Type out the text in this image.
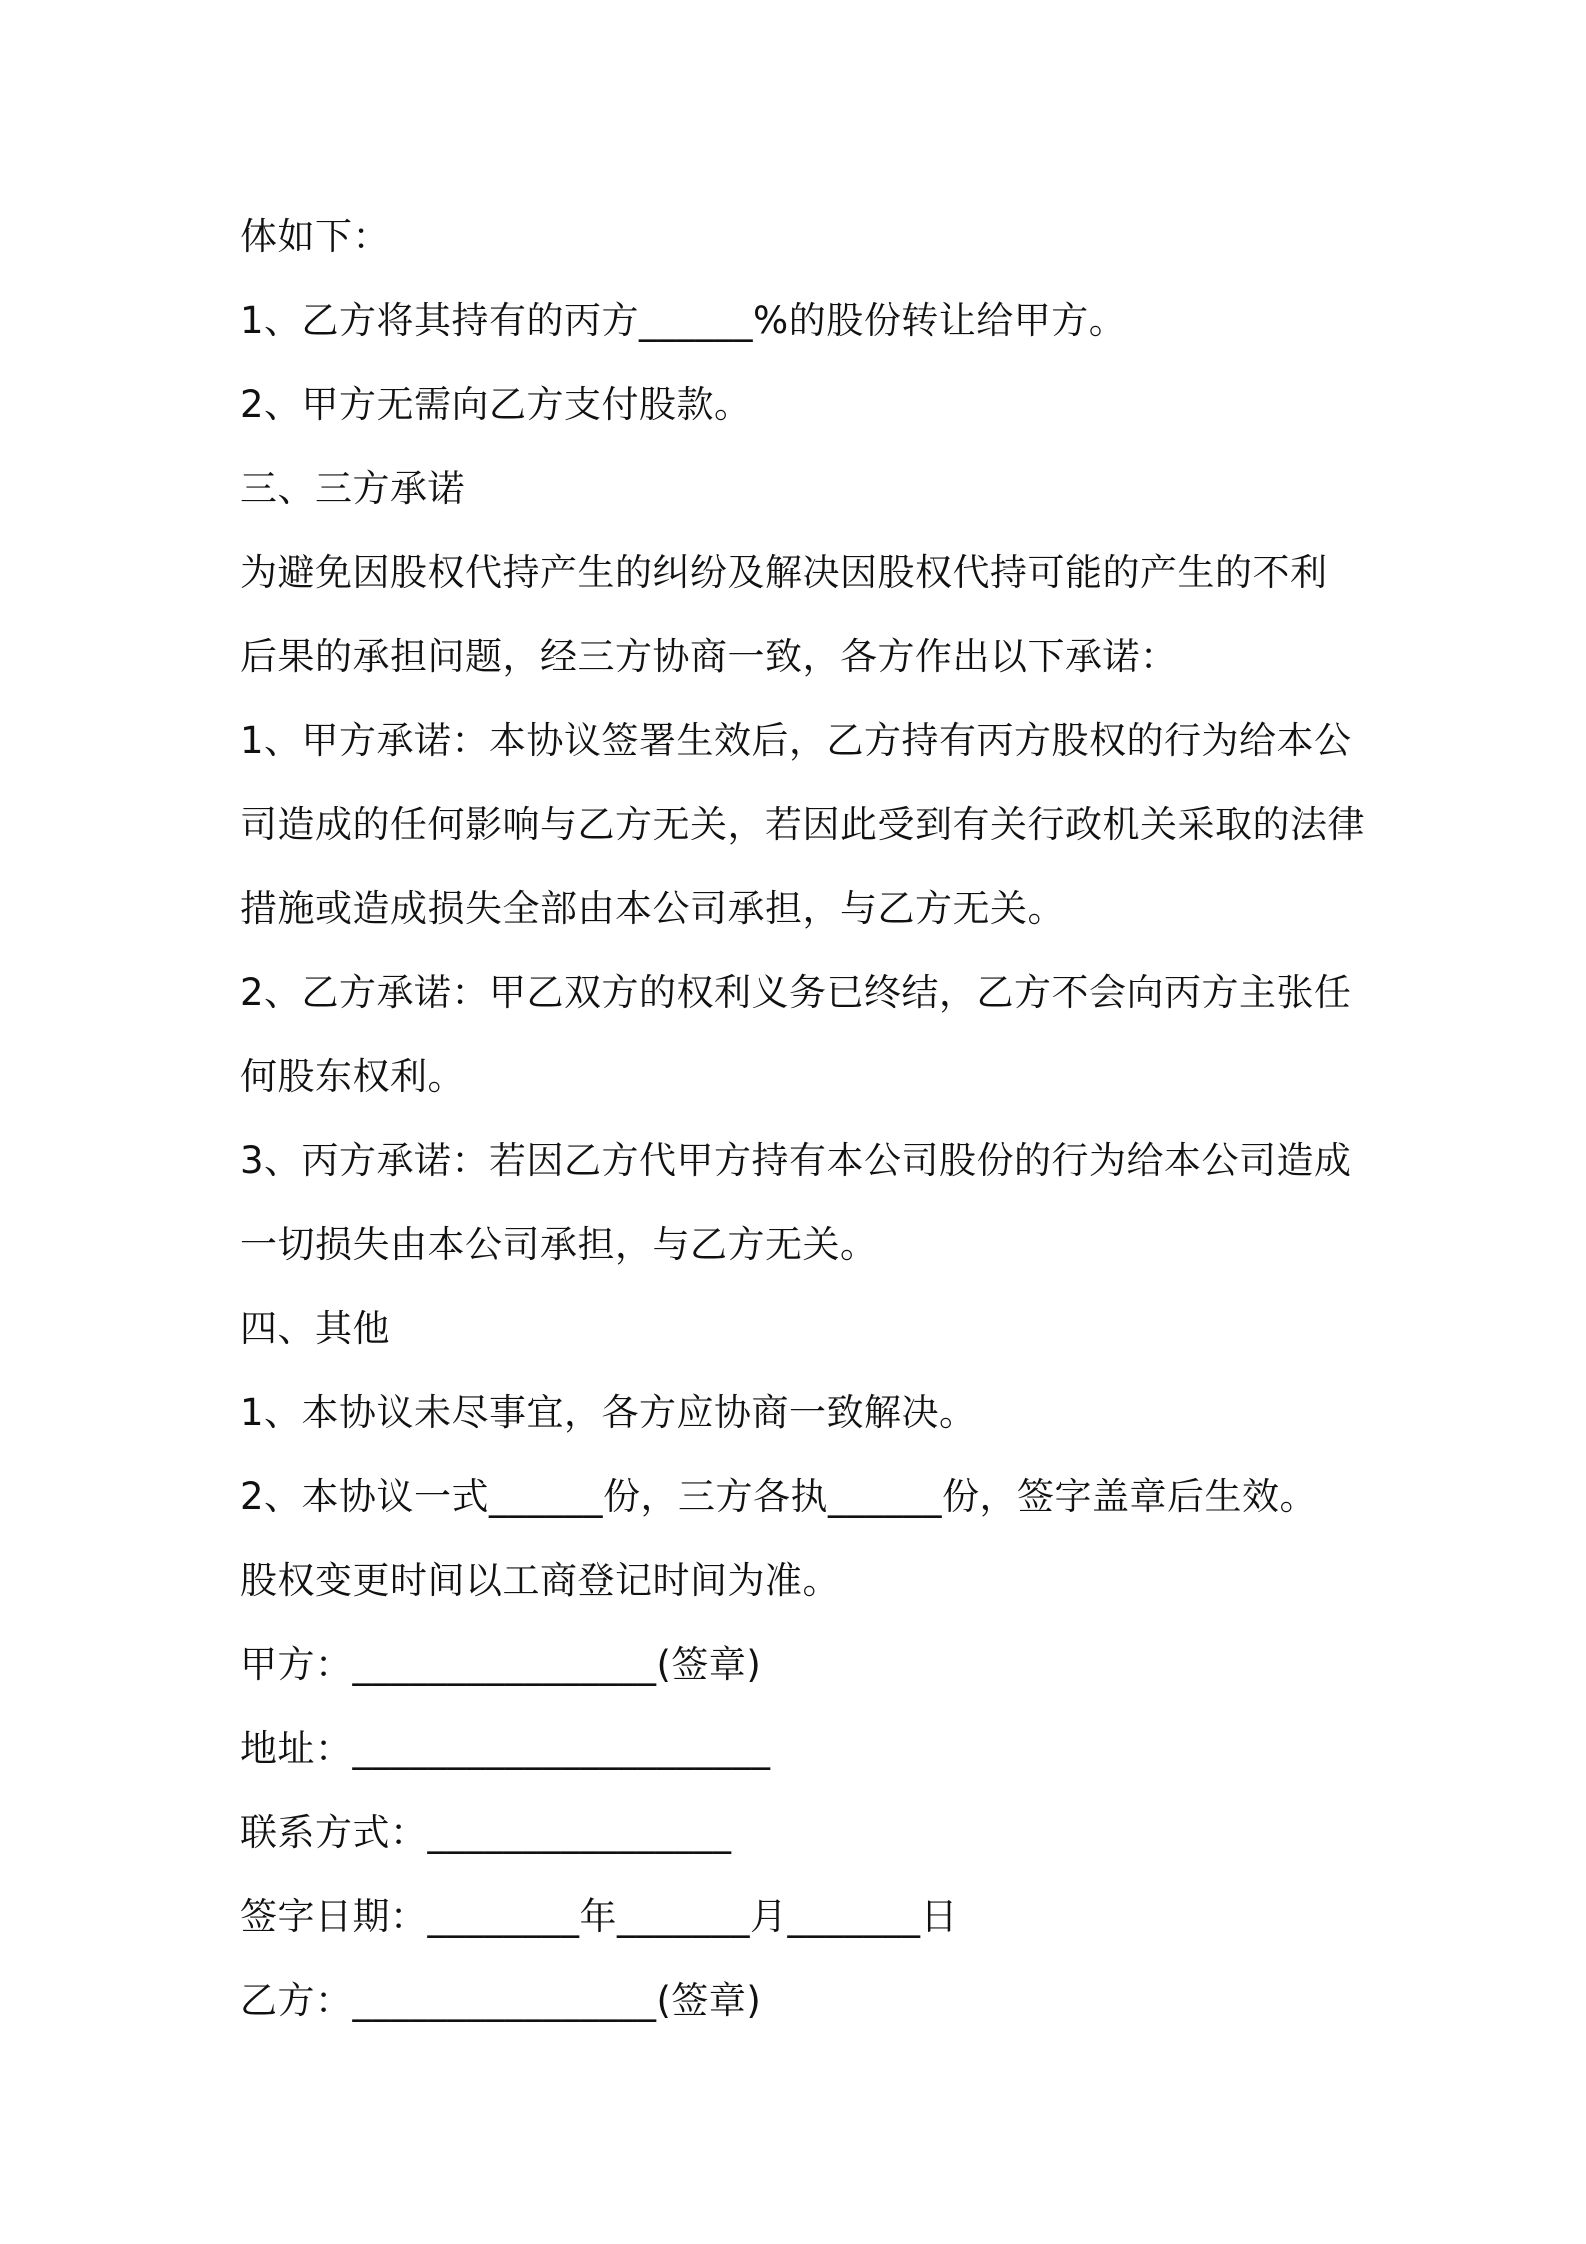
体如下：
1、乙方将其持有的丙方______%的股份转让给甲方。
2、甲方无需向乙方支付股款。
三、三方承诺
为避免因股权代持产生的纠纷及解决因股权代持可能的产生的不利
后果的承担问题，经三方协商一致，各方作出以下承诺：
1、甲方承诺：本协议签署生效后，乙方持有丙方股权的行为给本公
司造成的任何影响与乙方无关，若因此受到有关行政机关采取的法律
措施或造成损失全部由本公司承担，与乙方无关。
2、乙方承诺：甲乙双方的权利义务已终结，乙方不会向丙方主张任
何股东权利。
3、丙方承诺：若因乙方代甲方持有本公司股份的行为给本公司造成
一切损失由本公司承担，与乙方无关。
四、其他
1、本协议未尽事宜，各方应协商一致解决。
2、本协议一式______份，三方各执______份，签字盖章后生效。
股权变更时间以工商登记时间为准。
甲方：________________(签章)
地址：______________________
联系方式：________________
签字日期：________年_______月_______日
乙方：________________(签章)
